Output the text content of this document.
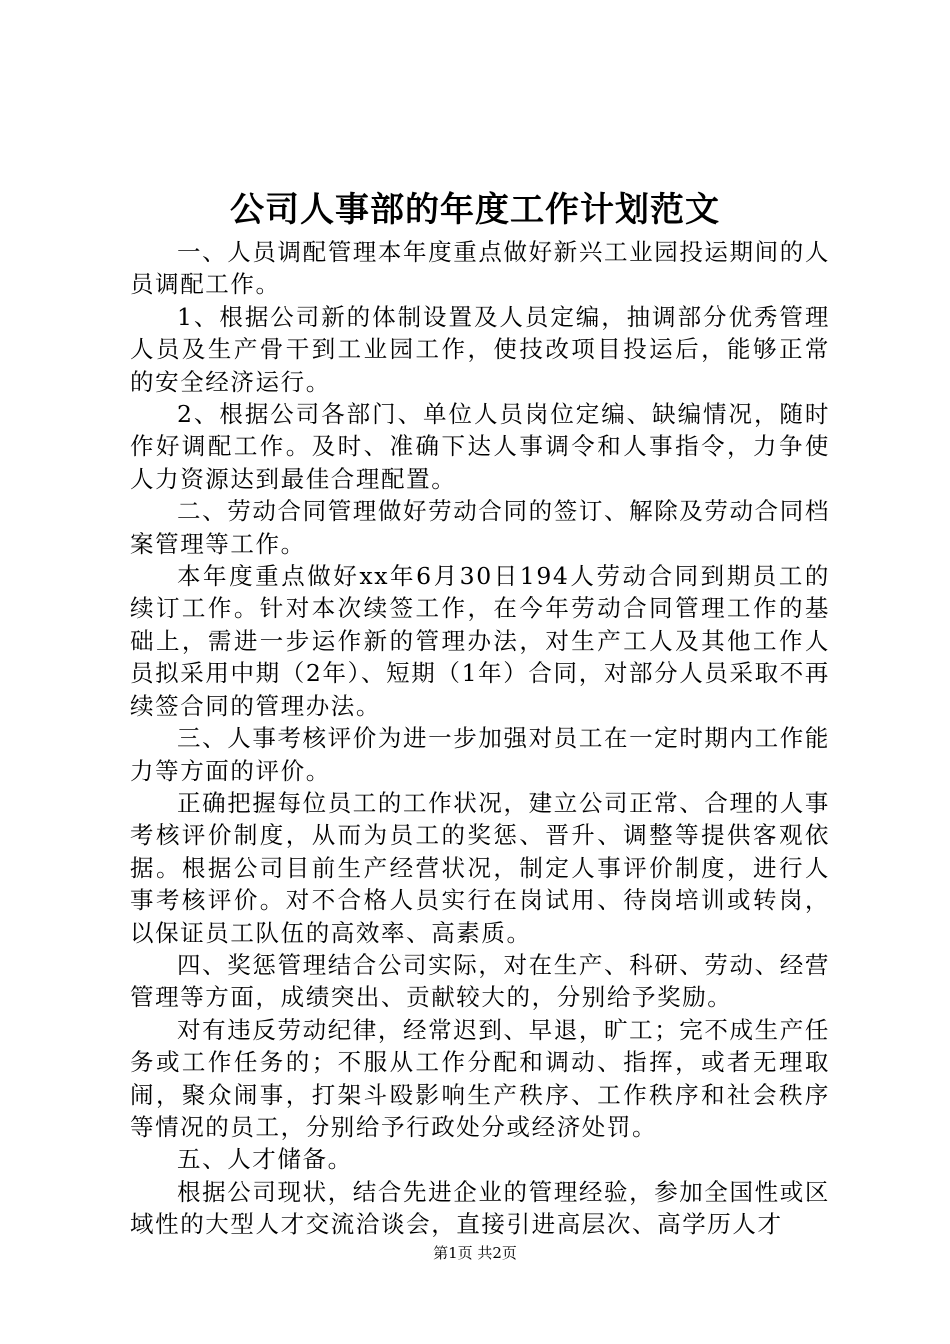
公司人事部的年度工作计划范文

一、人员调配管理本年度重点做好新兴工业园投运期间的人员调配工作。

1、根据公司新的体制设置及人员定编，抽调部分优秀管理人员及生产骨干到工业园工作，使技改项目投运后，能够正常的安全经济运行。

2、根据公司各部门、单位人员岗位定编、缺编情况，随时作好调配工作。及时、准确下达人事调令和人事指令，力争使人力资源达到最佳合理配置。

二、劳动合同管理做好劳动合同的签订、解除及劳动合同档案管理等工作。

本年度重点做好xx年6月30日194人劳动合同到期员工的续订工作。针对本次续签工作，在今年劳动合同管理工作的基础上，需进一步运作新的管理办法，对生产工人及其他工作人员拟采用中期（2年）、短期（1年）合同，对部分人员采取不再续签合同的管理办法。

三、人事考核评价为进一步加强对员工在一定时期内工作能力等方面的评价。

正确把握每位员工的工作状况，建立公司正常、合理的人事考核评价制度，从而为员工的奖惩、晋升、调整等提供客观依据。根据公司目前生产经营状况，制定人事评价制度，进行人事考核评价。对不合格人员实行在岗试用、待岗培训或转岗，以保证员工队伍的高效率、高素质。

四、奖惩管理结合公司实际，对在生产、科研、劳动、经营管理等方面，成绩突出、贡献较大的，分别给予奖励。

对有违反劳动纪律，经常迟到、早退，旷工；完不成生产任务或工作任务的；不服从工作分配和调动、指挥，或者无理取闹，聚众闹事，打架斗殴影响生产秩序、工作秩序和社会秩序等情况的员工，分别给予行政处分或经济处罚。

五、人才储备。

根据公司现状，结合先进企业的管理经验，参加全国性或区域性的大型人才交流洽谈会，直接引进高层次、高学历人才

第1页 共2页
